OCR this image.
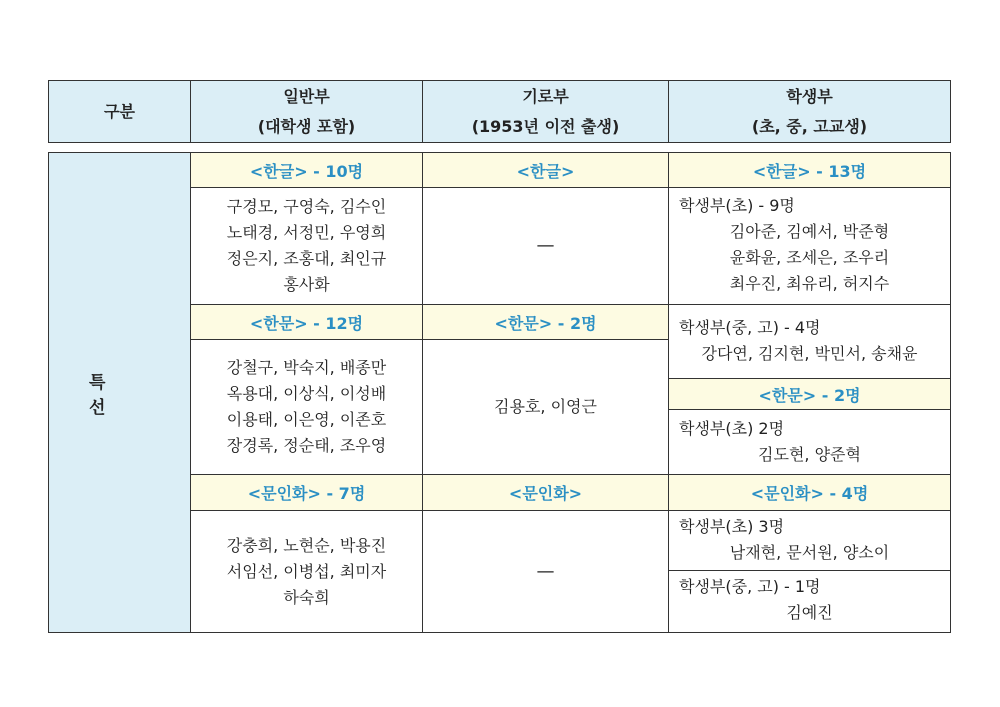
구분
일반부
(대학생 포함)
기로부
(1953년 이전 출생)
학생부
(초, 중, 고교생)
특 선
<한글> - 10명
구경모, 구영숙, 김수인
노태경, 서정민, 우영희
정은지, 조홍대, 최인규
홍사화
<한문> - 12명
강철구, 박숙지, 배종만
옥용대, 이상식, 이성배
이용태, 이은영, 이존호
장경록, 정순태, 조우영
<문인화> - 7명
강충희, 노현순, 박용진
서임선, 이병섭, 최미자
하숙희
<한글>
—
<한문> - 2명
김용호, 이영근
<문인화>
—
<한글> - 13명
학생부(초) - 9명
김아준, 김예서, 박준형
윤화윤, 조세은, 조우리
최우진, 최유리, 허지수
학생부(중, 고) - 4명
강다연, 김지현, 박민서, 송채윤
<한문> - 2명
학생부(초) 2명
김도현, 양준혁
<문인화> - 4명
학생부(초) 3명
남재현, 문서원, 양소이
학생부(중, 고) - 1명
김예진
